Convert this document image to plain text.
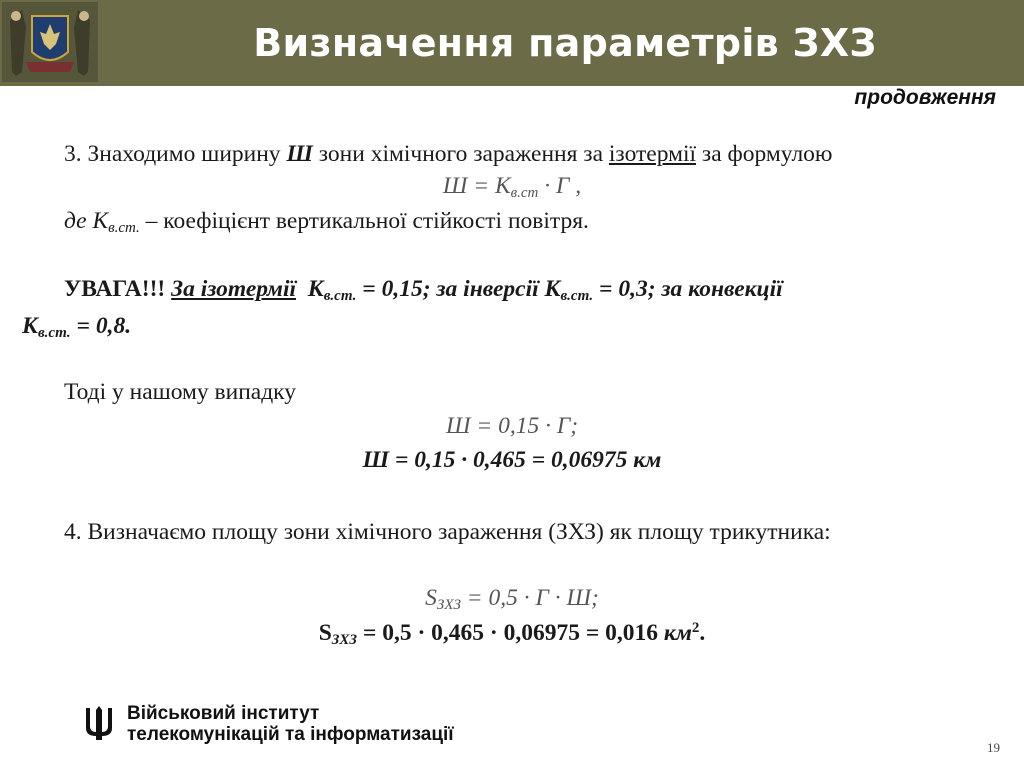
Визначення параметрів ЗХЗ
продовження
3. Знаходимо ширину Ш зони хімічного зараження за ізотермії за формулою
$Ш = К_{в.ст} \cdot Г$ ,
де $К_{в.ст.}$ – коефіцієнт вертикальної стійкості повітря.
УВАГА!!! За ізотермії $К_{в.ст.} = 0,15$; за інверсії $К_{в.ст.} = 0,3$; за конвекції
$К_{в.ст.} = 0,8$.
Тоді у нашому випадку
Ш = 0,15 · Г;
Ш = 0,15 · 0,465 = 0,06975 км
4. Визначаємо площу зони хімічного зараження (ЗХЗ) як площу трикутника:
$S_{ЗХЗ} = 0,5 \cdot Г \cdot Ш$;
$S_{ЗХЗ} = 0,5 \cdot 0,465 \cdot 0,06975 = 0,016$ $км^2$.
Військовий інститут
телекомунікацій та інформатизації
19
